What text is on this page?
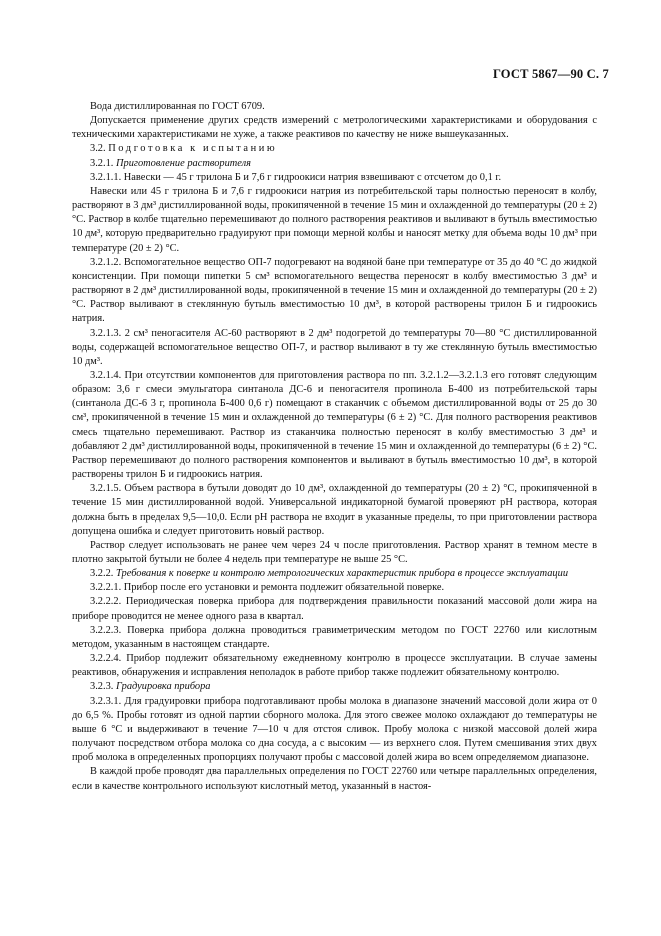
ГОСТ 5867—90 С. 7

Вода дистиллированная по ГОСТ 6709.

Допускается применение других средств измерений с метрологическими характеристиками и оборудования с техническими характеристиками не хуже, а также реактивов по качеству не ниже вышеуказанных.

3.2. Подготовка к испытанию

3.2.1. Приготовление растворителя

3.2.1.1. Навески — 45 г трилона Б и 7,6 г гидроокиси натрия взвешивают с отсчетом до 0,1 г.

Навески или 45 г трилона Б и 7,6 г гидроокиси натрия из потребительской тары полностью переносят в колбу, растворяют в 3 дм³ дистиллированной воды, прокипяченной в течение 15 мин и охлажденной до температуры (20 ± 2) °С. Раствор в колбе тщательно перемешивают до полного растворения реактивов и выливают в бутыль вместимостью 10 дм³, которую предварительно градуируют при помощи мерной колбы и наносят метку для объема воды 10 дм³ при температуре (20 ± 2) °С.

3.2.1.2. Вспомогательное вещество ОП-7 подогревают на водяной бане при температуре от 35 до 40 °С до жидкой консистенции. При помощи пипетки 5 см³ вспомогательного вещества переносят в колбу вместимостью 3 дм³ и растворяют в 2 дм³ дистиллированной воды, прокипяченной в течение 15 мин и охлажденной до температуры (20 ± 2) °С. Раствор выливают в стеклянную бутыль вместимостью 10 дм³, в которой растворены трилон Б и гидроокись натрия.

3.2.1.3. 2 см³ пеногасителя АС-60 растворяют в 2 дм³ подогретой до температуры 70—80 °С дистиллированной воды, содержащей вспомогательное вещество ОП-7, и раствор выливают в ту же стеклянную бутыль вместимостью 10 дм³.

3.2.1.4. При отсутствии компонентов для приготовления раствора по пп. 3.2.1.2—3.2.1.3 его готовят следующим образом: 3,6 г смеси эмульгатора синтанола ДС-6 и пеногасителя пропинола Б-400 из потребительской тары (синтанола ДС-6 3 г, пропинола Б-400 0,6 г) помещают в стаканчик с объемом дистиллированной воды от 25 до 30 см³, прокипяченной в течение 15 мин и охлажденной до температуры (6 ± 2) °С. Для полного растворения реактивов смесь тщательно перемешивают. Раствор из стаканчика полностью переносят в колбу вместимостью 3 дм³ и добавляют 2 дм³ дистиллированной воды, прокипяченной в течение 15 мин и охлажденной до температуры (6 ± 2) °С. Раствор перемешивают до полного растворения компонентов и выливают в бутыль вместимостью 10 дм³, в которой растворены трилон Б и гидроокись натрия.

3.2.1.5. Объем раствора в бутыли доводят до 10 дм³, охлажденной до температуры (20 ± 2) °С, прокипяченной в течение 15 мин дистиллированной водой. Универсальной индикаторной бумагой проверяют рН раствора, которая должна быть в пределах 9,5—10,0. Если рН раствора не входит в указанные пределы, то при приготовлении раствора допущена ошибка и следует приготовить новый раствор.

Раствор следует использовать не ранее чем через 24 ч после приготовления. Раствор хранят в темном месте в плотно закрытой бутыли не более 4 недель при температуре не выше 25 °С.

3.2.2. Требования к поверке и контролю метрологических характеристик прибора в процессе эксплуатации

3.2.2.1. Прибор после его установки и ремонта подлежит обязательной поверке.

3.2.2.2. Периодическая поверка прибора для подтверждения правильности показаний массовой доли жира на приборе проводится не менее одного раза в квартал.

3.2.2.3. Поверка прибора должна проводиться гравиметрическим методом по ГОСТ 22760 или кислотным методом, указанным в настоящем стандарте.

3.2.2.4. Прибор подлежит обязательному ежедневному контролю в процессе эксплуатации. В случае замены реактивов, обнаружения и исправления неполадок в работе прибор также подлежит обязательному контролю.

3.2.3. Градуировка прибора

3.2.3.1. Для градуировки прибора подготавливают пробы молока в диапазоне значений массовой доли жира от 0 до 6,5 %. Пробы готовят из одной партии сборного молока. Для этого свежее молоко охлаждают до температуры не выше 6 °С и выдерживают в течение 7—10 ч для отстоя сливок. Пробу молока с низкой массовой долей жира получают посредством отбора молока со дна сосуда, а с высоким — из верхнего слоя. Путем смешивания этих двух проб молока в определенных пропорциях получают пробы с массовой долей жира во всем определяемом диапазоне.

В каждой пробе проводят два параллельных определения по ГОСТ 22760 или четыре параллельных определения, если в качестве контрольного используют кислотный метод, указанный в настоя-
